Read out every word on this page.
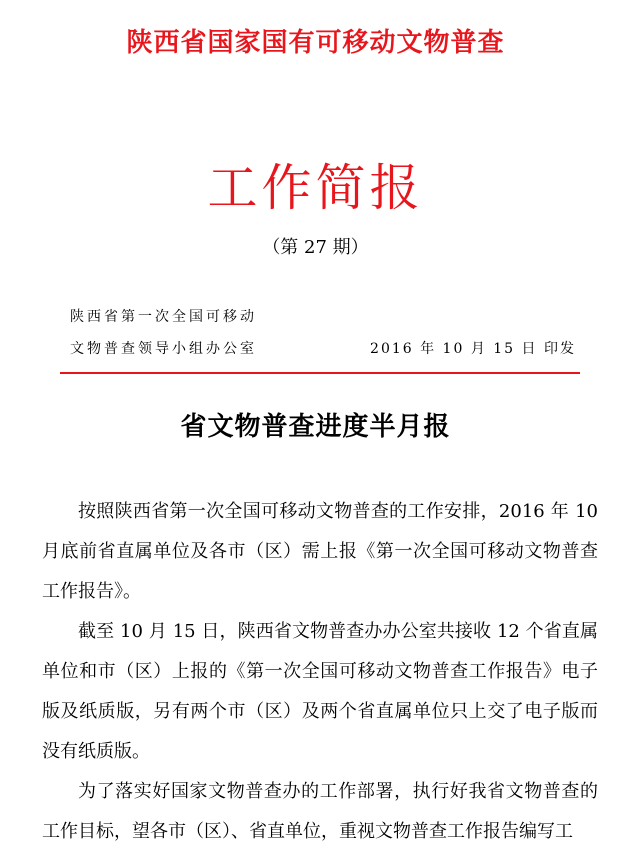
陕西省国家国有可移动文物普查
工作简报
（第 27 期）
陕西省第一次全国可移动
文物普查领导小组办公室	2016 年 10 月 15 日 印发
省文物普查进度半月报

按照陕西省第一次全国可移动文物普查的工作安排，2016 年 10 月底前省直属单位及各市（区）需上报《第一次全国可移动文物普查工作报告》。

截至 10 月 15 日，陕西省文物普查办办公室共接收 12 个省直属单位和市（区）上报的《第一次全国可移动文物普查工作报告》电子版及纸质版，另有两个市（区）及两个省直属单位只上交了电子版而没有纸质版。

为了落实好国家文物普查办的工作部署，执行好我省文物普查的工作目标，望各市（区）、省直单位，重视文物普查工作报告编写工
